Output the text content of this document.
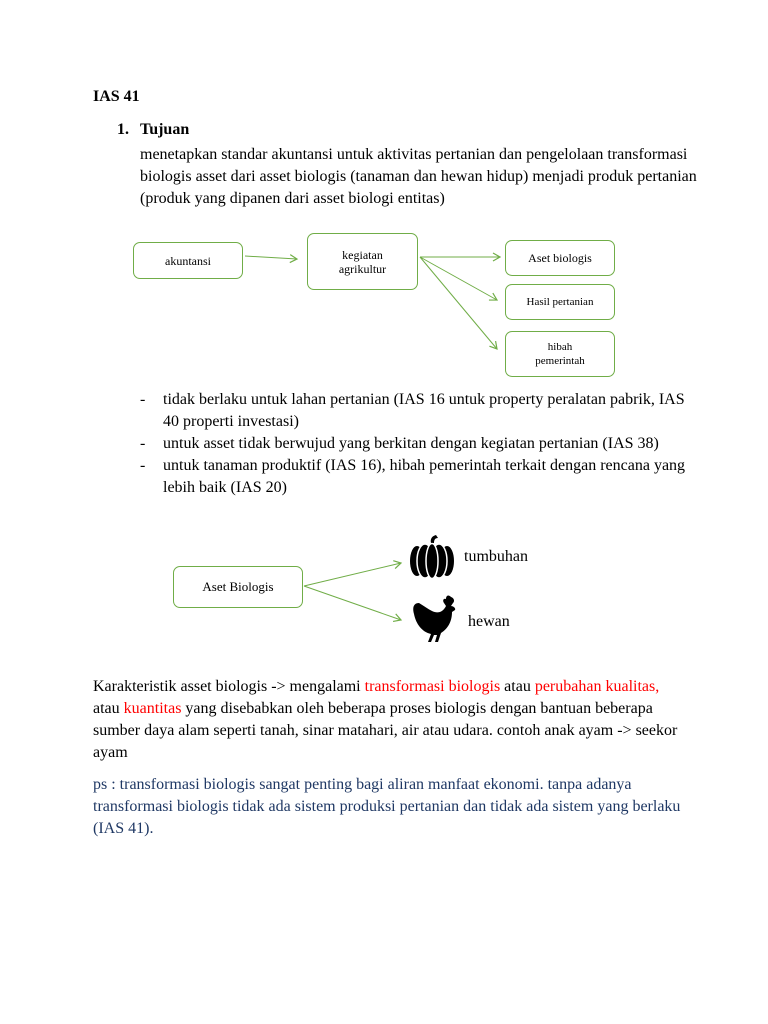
IAS 41
1. Tujuan
menetapkan standar akuntansi untuk aktivitas pertanian dan pengelolaan transformasi biologis asset dari asset biologis (tanaman dan hewan hidup) menjadi produk pertanian (produk yang dipanen dari asset biologi entitas)
akuntansi	kegiatan agrikultur
Aset biologis
Hasil pertanian
hibah pemerintah
- tidak berlaku untuk lahan pertanian (IAS 16 untuk property peralatan pabrik, IAS 40 properti investasi)
- untuk asset tidak berwujud yang berkitan dengan kegiatan pertanian (IAS 38)
- untuk tanaman produktif (IAS 16), hibah pemerintah terkait dengan rencana yang lebih baik (IAS 20)
Aset Biologis
tumbuhan
hewan
Karakteristik asset biologis -> mengalami transformasi biologis atau perubahan kualitas, atau kuantitas yang disebabkan oleh beberapa proses biologis dengan bantuan beberapa sumber daya alam seperti tanah, sinar matahari, air atau udara. contoh anak ayam -> seekor ayam
ps : transformasi biologis sangat penting bagi aliran manfaat ekonomi. tanpa adanya transformasi biologis tidak ada sistem produksi pertanian dan tidak ada sistem yang berlaku (IAS 41).
